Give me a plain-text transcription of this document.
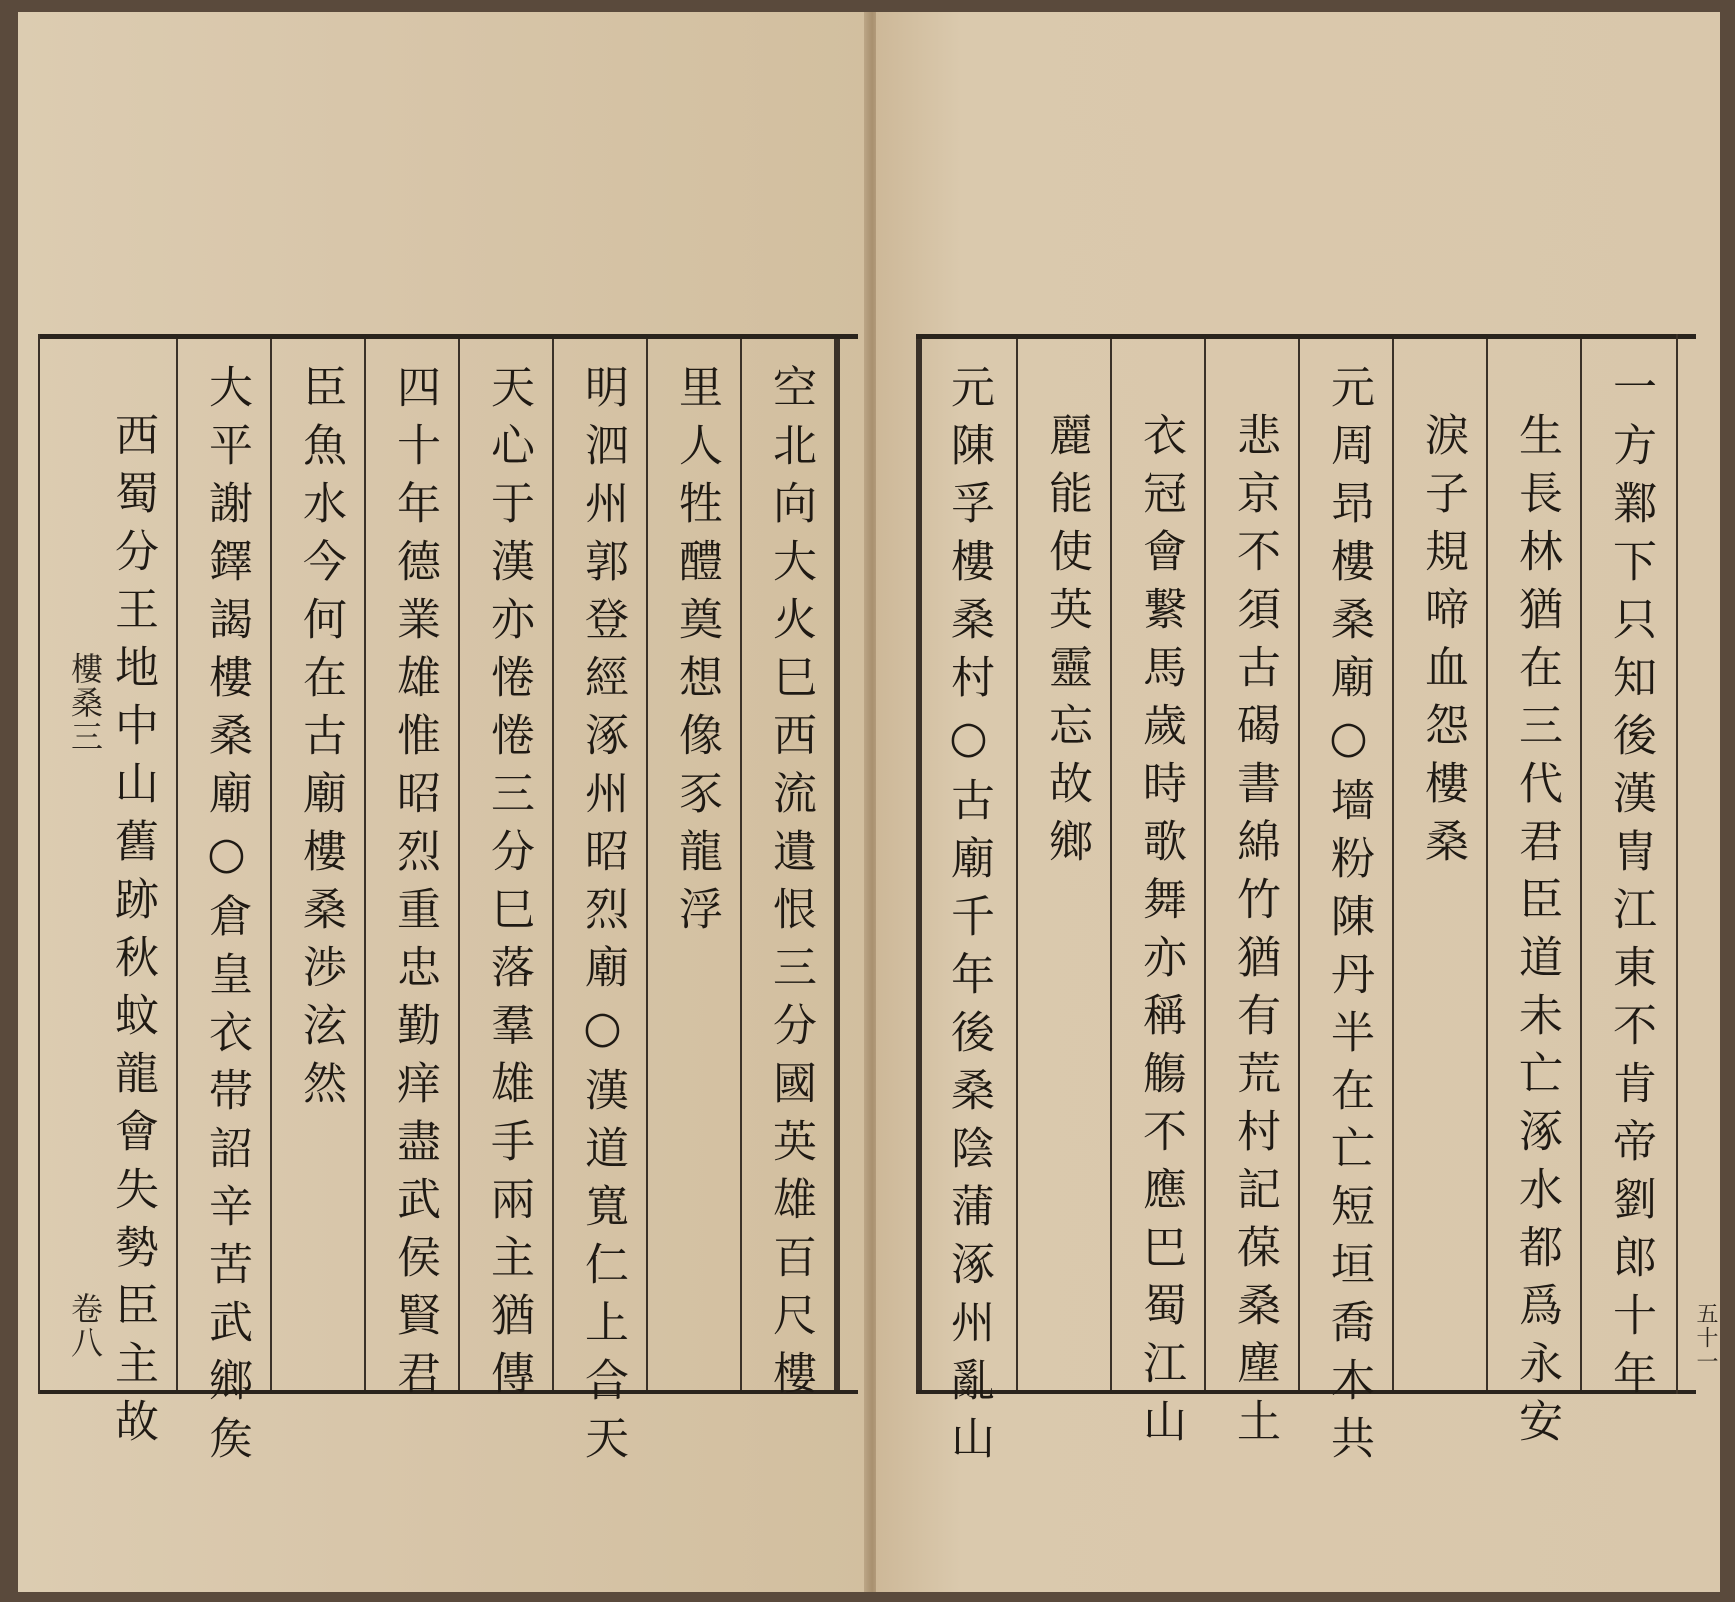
樓桑三
卷八	空北向大火巳西流遺恨三分國英雄百尺樓
里人牲醴奠想像豕龍浮
明泗州郭登經涿州昭烈廟○漢道寬仁上合天
天心于漢亦惓惓三分巳落羣雄手兩主猶傳
四十年德業雄惟昭烈重忠勤痒盡武侯賢君
臣魚水今何在古廟樓桑渉泫然
大平謝鐸謁樓桑廟○倉皇衣帯詔辛苦武鄉矦
西蜀分王地中山舊跡秋蚊龍會失勢臣主故	五十一
一方鄴下只知後漢冑江東不肯帝劉郎十年
生長林猶在三代君臣道未亡涿水都爲永安
淚子規啼血怨樓桑
元周昻樓桑廟○墻粉陳丹半在亡短垣喬木共
悲京不須古碣書綿竹猶有荒村記葆桑塵土
衣冠會繋馬歲時歌舞亦稱觴不應巴蜀江山
麗能使英靈忘故鄉
元陳孚樓桑村○古廟千年後桑陰蒲涿州亂山
